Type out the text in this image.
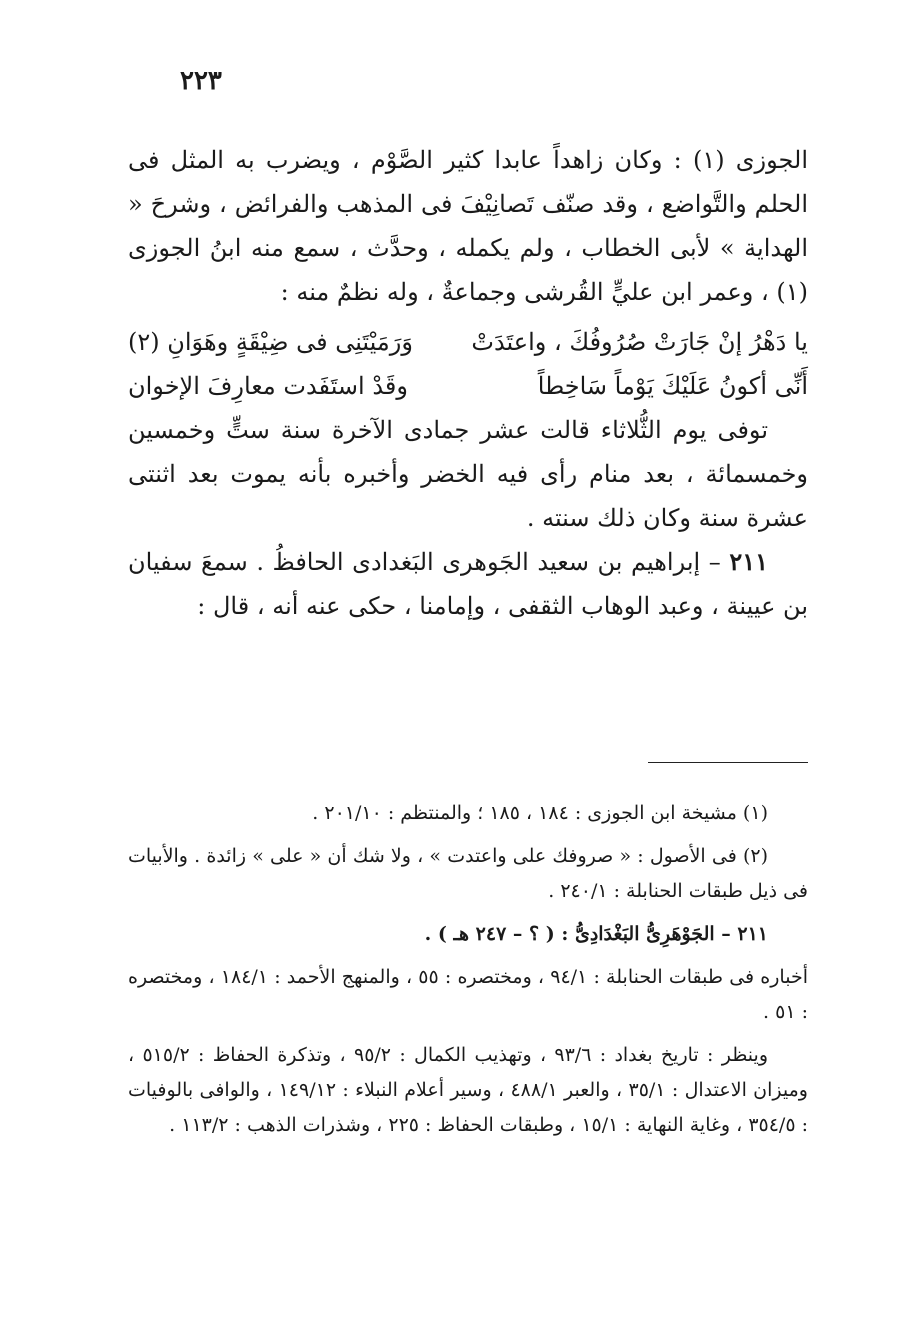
٢٢٣

الجوزى (١) : وكان زاهداً عابدا كثير الصَّوْم ، ويضرب به المثل فى الحلم والتَّواضع ، وقد صنّف تَصانِيْفَ فى المذهب والفرائض ، وشرحَ « الهداية » لأبى الخطاب ، ولم يكمله ، وحدَّث ، سمع منه ابنُ الجوزى (١) ، وعمر ابن عليٍّ القُرشى وجماعةٌ ، وله نظمٌ منه :

يا دَهْرُ إنْ جَارَتْ صُرُوفُكَ ، واعتَدَتْ
وَرَمَيْتَنِى فى ضِيْقَةٍ وهَوَانِ (٢)
أَنِّى أكونُ عَلَيْكَ يَوْماً سَاخِطاً
وقَدْ استَفَدت معارِفَ الإخوان

توفى يوم الثُّلاثاء قالت عشر جمادى الآخرة سنة ستٍّ وخمسين وخمسمائة ، بعد منام رأى فيه الخضر وأخبره بأنه يموت بعد اثنتى عشرة سنة وكان ذلك سنته .

٢١١ – إبراهيم بن سعيد الجَوهرى البَغدادى الحافظُ . سمعَ سفيان بن عيينة ، وعبد الوهاب الثقفى ، وإمامنا ، حكى عنه أنه ، قال :

(١) مشيخة ابن الجوزى : ١٨٤ ، ١٨٥ ؛ والمنتظم : ٢٠١/١٠ .

(٢) فى الأصول : « صروفك على واعتدت » ، ولا شك أن « على » زائدة . والأبيات فى ذيل طبقات الحنابلة : ٢٤٠/١ .

٢١١ – الجَوْهَرِىُّ البَغْدَادِىُّ : ( ؟ – ٢٤٧ هـ ) .

أخباره فى طبقات الحنابلة : ٩٤/١ ، ومختصره : ٥٥ ، والمنهج الأحمد : ١٨٤/١ ، ومختصره : ٥١ .

وينظر : تاريخ بغداد : ٩٣/٦ ، وتهذيب الكمال : ٩٥/٢ ، وتذكرة الحفاظ : ٥١٥/٢ ، وميزان الاعتدال : ٣٥/١ ، والعبر ٤٨٨/١ ، وسير أعلام النبلاء : ١٤٩/١٢ ، والوافى بالوفيات : ٣٥٤/٥ ، وغاية النهاية : ١٥/١ ، وطبقات الحفاظ : ٢٢٥ ، وشذرات الذهب : ١١٣/٢ .
